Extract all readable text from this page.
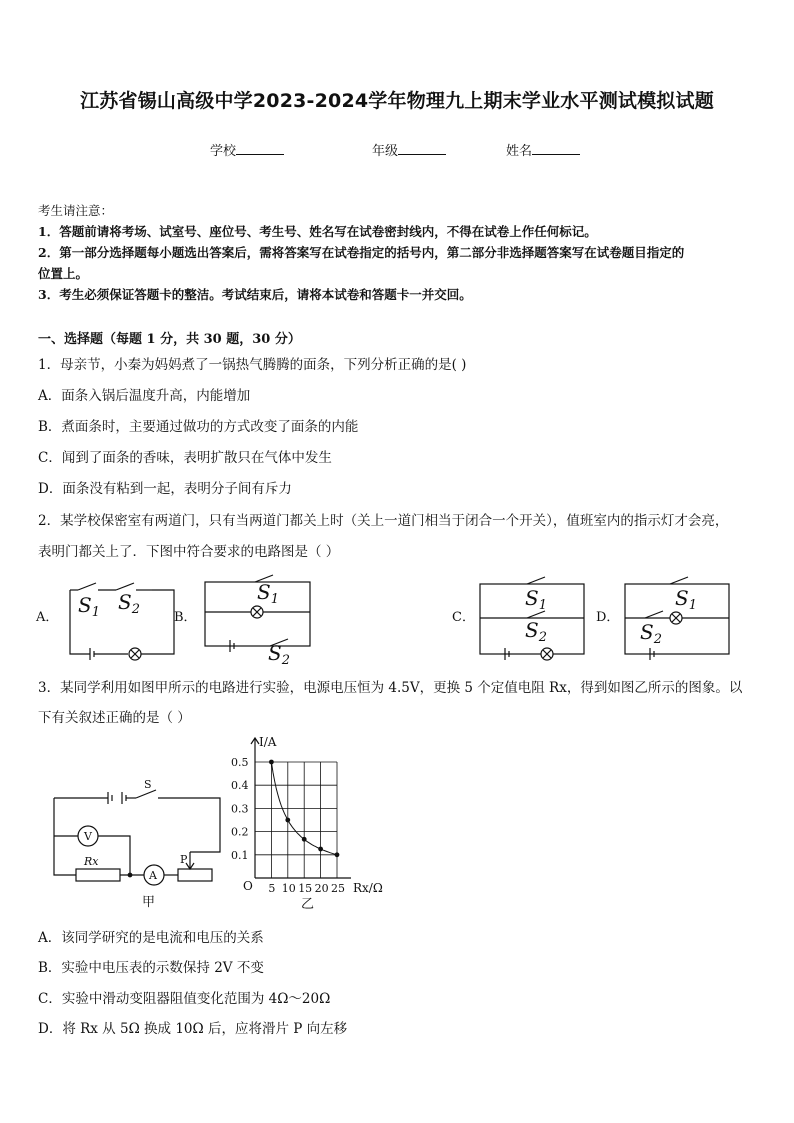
江苏省锡山高级中学2023-2024学年物理九上期末学业水平测试模拟试题
学校	年级	姓名
考生请注意：
1．答题前请将考场、试室号、座位号、考生号、姓名写在试卷密封线内，不得在试卷上作任何标记。
2．第一部分选择题每小题选出答案后，需将答案写在试卷指定的括号内，第二部分非选择题答案写在试卷题目指定的
位置上。
3．考生必须保证答题卡的整洁。考试结束后，请将本试卷和答题卡一并交回。
一、选择题（每题 1 分，共 30 题，30 分）
1．母亲节，小秦为妈妈煮了一锅热气腾腾的面条，下列分析正确的是( )
A．面条入锅后温度升高，内能增加
B．煮面条时，主要通过做功的方式改变了面条的内能
C．闻到了面条的香味，表明扩散只在气体中发生
D．面条没有粘到一起，表明分子间有斥力
2．某学校保密室有两道门，只有当两道门都关上时（关上一道门相当于闭合一个开关），值班室内的指示灯才会亮，
表明门都关上了．下图中符合要求的电路图是（ ）
$S_1$ $S_2$
$S_1$
$S_2$
$S_1$
$S_2$
$S_1$
$S_2$
A．	B．	C．	D．
3．某同学利用如图甲所示的电路进行实验，电源电压恒为 4.5V，更换 5 个定值电阻 Rx，得到如图乙所示的图象。以
下有关叙述正确的是（ ）
S
V
A
Rx	P
甲
5 10 15 20 25
0.1
0.2
0.3
0.4
0.5
I/A
Rx/Ω
O
乙
A．该同学研究的是电流和电压的关系
B．实验中电压表的示数保持 2V 不变
C．实验中滑动变阻器阻值变化范围为 4Ω～20Ω
D．将 Rx 从 5Ω 换成 10Ω 后，应将滑片 P 向左移
